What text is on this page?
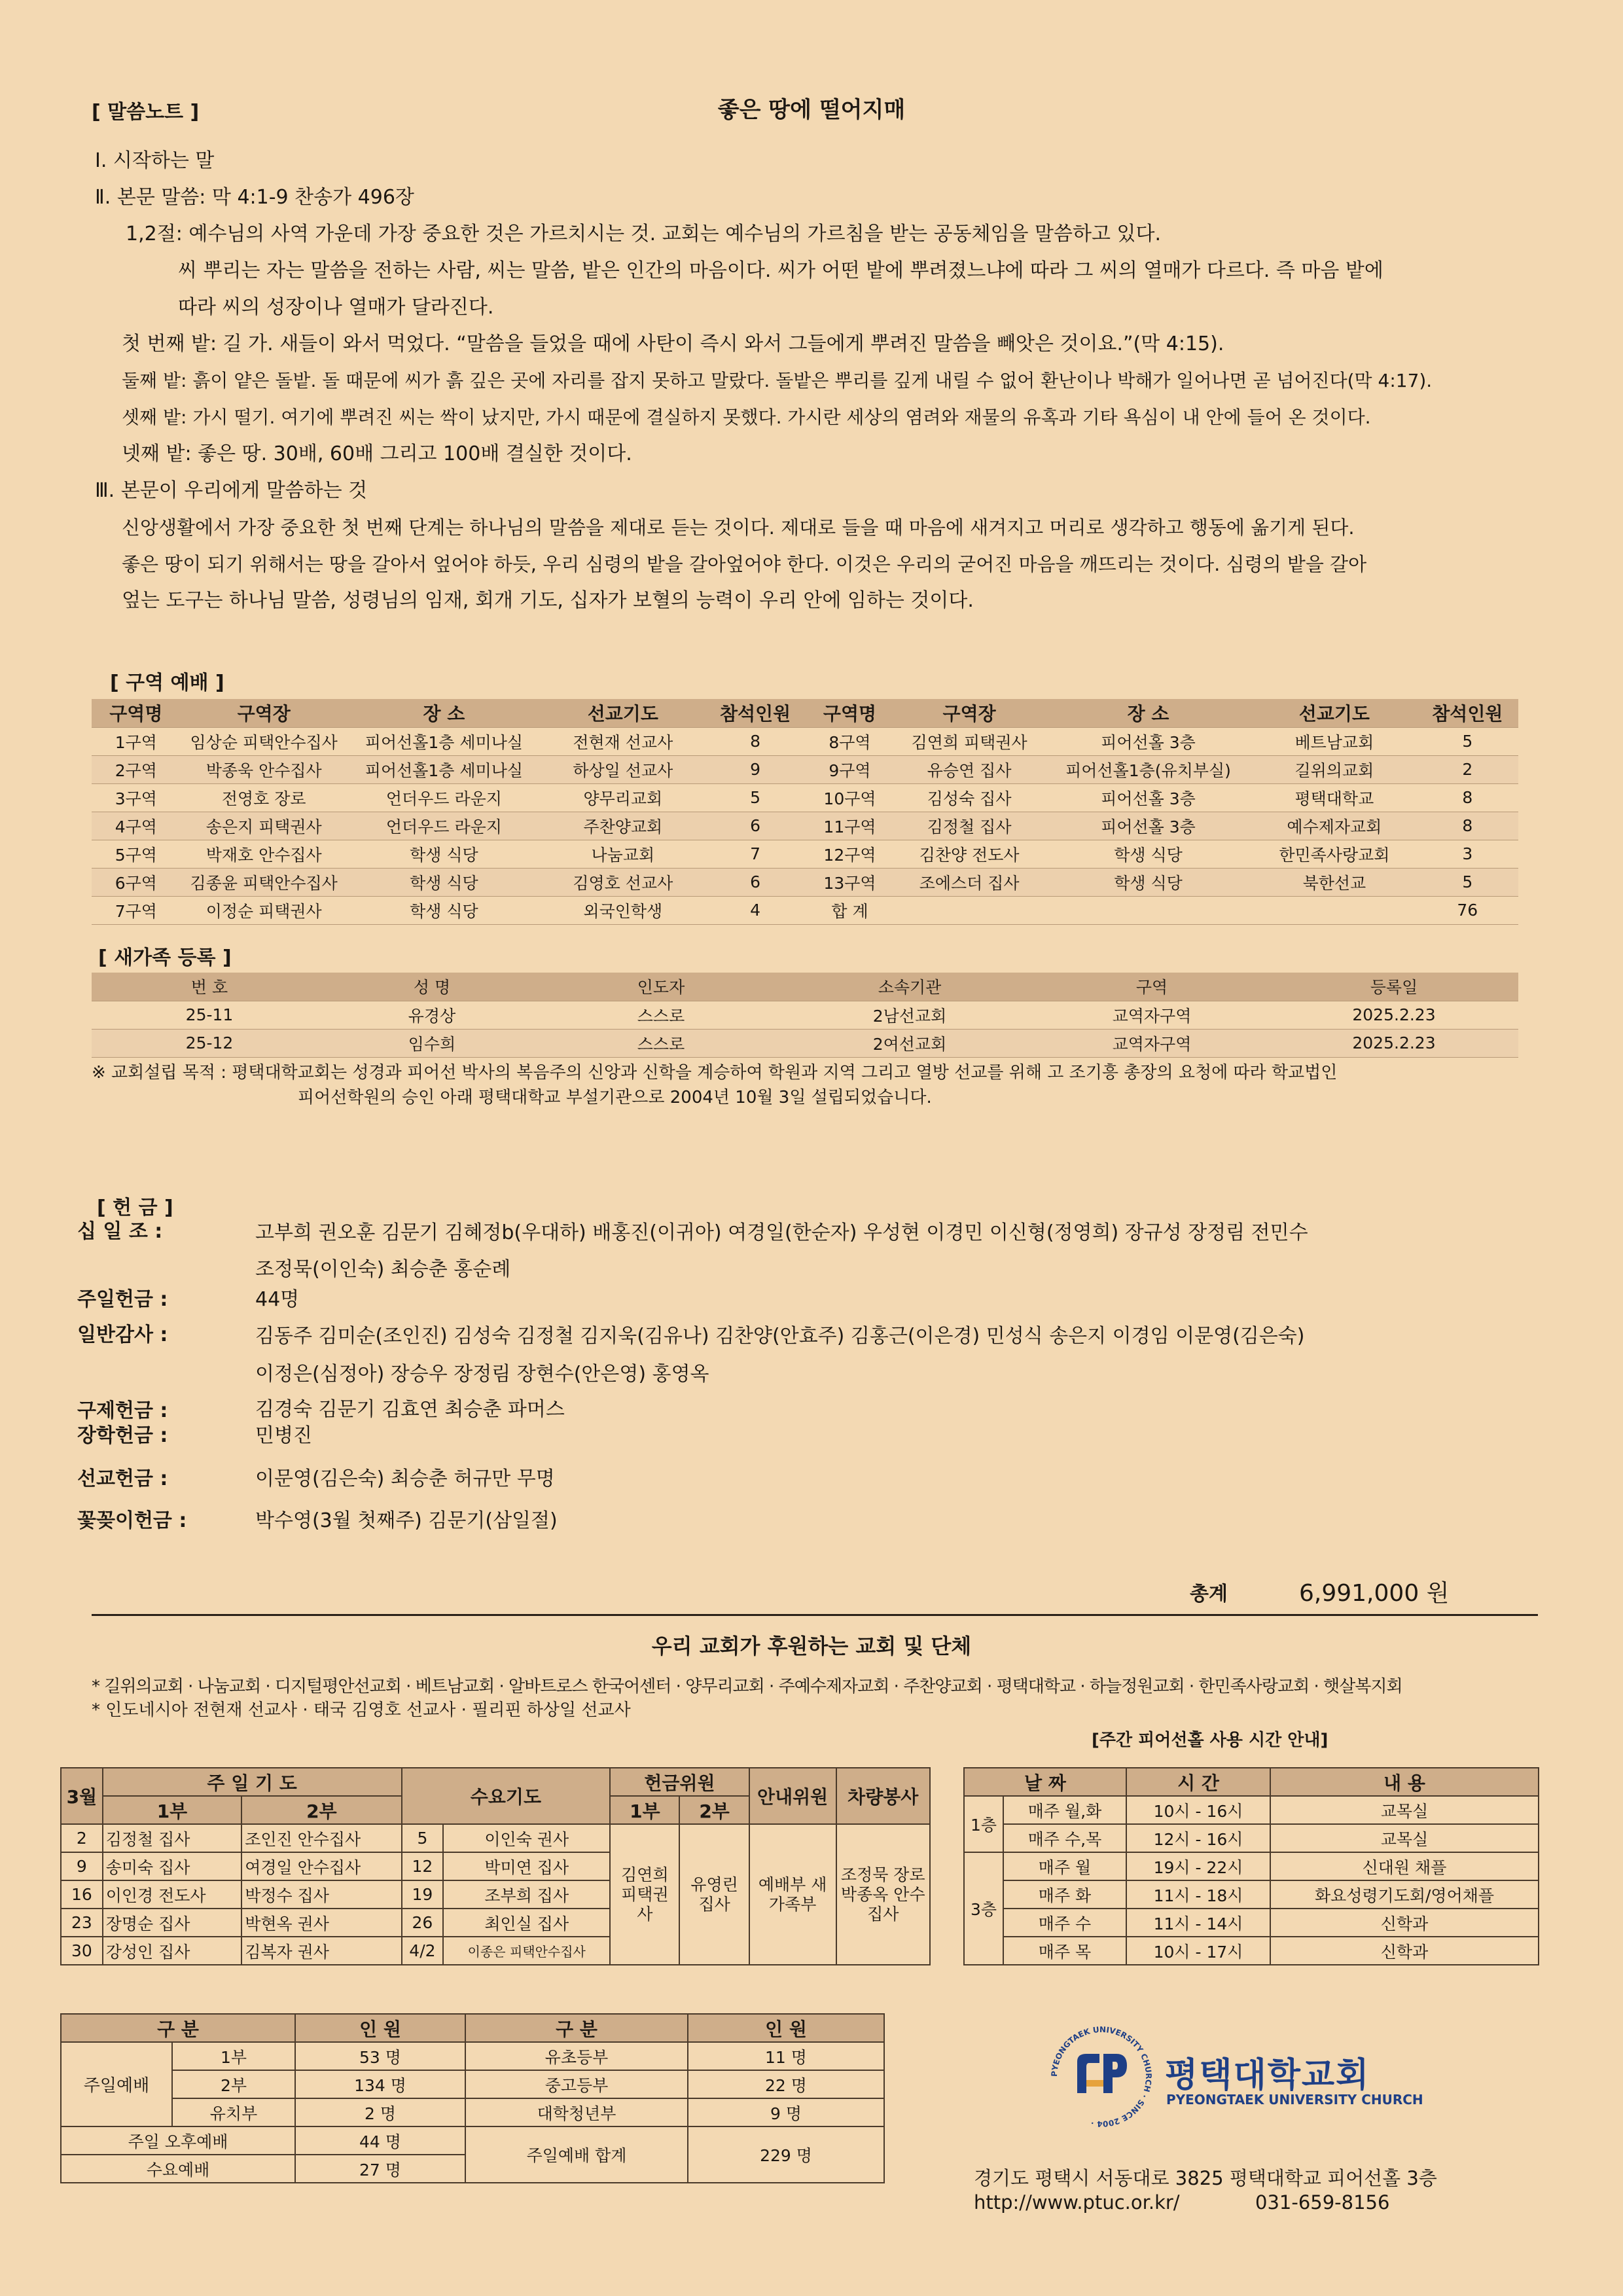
[ 말씀노트 ]	좋은 땅에 떨어지매

Ⅰ. 시작하는 말

Ⅱ. 본문 말씀: 막 4:1-9 찬송가 496장

1,2절: 예수님의 사역 가운데 가장 중요한 것은 가르치시는 것. 교회는 예수님의 가르침을 받는 공동체임을 말씀하고 있다.

씨 뿌리는 자는 말씀을 전하는 사람, 씨는 말씀, 밭은 인간의 마음이다. 씨가 어떤 밭에 뿌려졌느냐에 따라 그 씨의 열매가 다르다. 즉 마음 밭에

따라 씨의 성장이나 열매가 달라진다.

첫 번째 밭: 길 가. 새들이 와서 먹었다. “말씀을 들었을 때에 사탄이 즉시 와서 그들에게 뿌려진 말씀을 빼앗은 것이요.”(막 4:15).

둘째 밭: 흙이 얕은 돌밭. 돌 때문에 씨가 흙 깊은 곳에 자리를 잡지 못하고 말랐다. 돌밭은 뿌리를 깊게 내릴 수 없어 환난이나 박해가 일어나면 곧 넘어진다(막 4:17).

셋째 밭: 가시 떨기. 여기에 뿌려진 씨는 싹이 났지만, 가시 때문에 결실하지 못했다. 가시란 세상의 염려와 재물의 유혹과 기타 욕심이 내 안에 들어 온 것이다.

넷째 밭: 좋은 땅. 30배, 60배 그리고 100배 결실한 것이다.

Ⅲ. 본문이 우리에게 말씀하는 것

신앙생활에서 가장 중요한 첫 번째 단계는 하나님의 말씀을 제대로 듣는 것이다. 제대로 들을 때 마음에 새겨지고 머리로 생각하고 행동에 옮기게 된다.

좋은 땅이 되기 위해서는 땅을 갈아서 엎어야 하듯, 우리 심령의 밭을 갈아엎어야 한다. 이것은 우리의 굳어진 마음을 깨뜨리는 것이다. 심령의 밭을 갈아

엎는 도구는 하나님 말씀, 성령님의 임재, 회개 기도, 십자가 보혈의 능력이 우리 안에 임하는 것이다.

[ 구역 예배 ]
구역명	구역장	장 소	선교기도	참석인원	구역명	구역장	장 소	선교기도	참석인원
1구역	임상순 피택안수집사	피어선홀1층 세미나실	전현재 선교사	8	8구역	김연희 피택권사	피어선홀 3층	베트남교회	5
2구역	박종욱 안수집사	피어선홀1층 세미나실	하상일 선교사	9	9구역	유승연 집사	피어선홀1층(유치부실)	길위의교회	2
3구역	전영호 장로	언더우드 라운지	양무리교회	5	10구역	김성숙 집사	피어선홀 3층	평택대학교	8
4구역	송은지 피택권사	언더우드 라운지	주찬양교회	6	11구역	김정철 집사	피어선홀 3층	예수제자교회	8
5구역	박재호 안수집사	학생 식당	나눔교회	7	12구역	김찬양 전도사	학생 식당	한민족사랑교회	3
6구역	김종윤 피택안수집사	학생 식당	김영호 선교사	6	13구역	조에스더 집사	학생 식당	북한선교	5
7구역	이정순 피택권사	학생 식당	외국인학생	4	합 계				76
[ 새가족 등록 ]
번 호	성 명	인도자	소속기관	구역	등록일
25-11	유경상	스스로	2남선교회	교역자구역	2025.2.23
25-12	임수희	스스로	2여선교회	교역자구역	2025.2.23
※ 교회설립 목적 : 평택대학교회는 성경과 피어선 박사의 복음주의 신앙과 신학을 계승하여 학원과 지역 그리고 열방 선교를 위해 고 조기흥 총장의 요청에 따라 학교법인
피어선학원의 승인 아래 평택대학교 부설기관으로 2004년 10월 3일 설립되었습니다.
[ 헌 금 ]
십 일 조 :	고부희 권오훈 김문기 김혜정b(우대하) 배홍진(이귀아) 여경일(한순자) 우성현 이경민 이신형(정영희) 장규성 장정림 전민수
조정묵(이인숙) 최승춘 홍순례
주일헌금 :	44명
일반감사 :	김동주 김미순(조인진) 김성숙 김정철 김지욱(김유나) 김찬양(안효주) 김홍근(이은경) 민성식 송은지 이경임 이문영(김은숙)
이정은(심정아) 장승우 장정림 장현수(안은영) 홍영옥
구제헌금 :	김경숙 김문기 김효연 최승춘 파머스
장학헌금 :	민병진
선교헌금 :	이문영(김은숙) 최승춘 허규만 무명
꽃꽂이헌금 :	박수영(3월 첫째주) 김문기(삼일절)
총계	6,991,000 원
우리 교회가 후원하는 교회 및 단체
* 길위의교회 · 나눔교회 · 디지털평안선교회 · 베트남교회 · 알바트로스 한국어센터 · 양무리교회 · 주예수제자교회 · 주찬양교회 · 평택대학교 · 하늘정원교회 · 한민족사랑교회 · 햇살복지회
* 인도네시아 전현재 선교사 · 태국 김영호 선교사 · 필리핀 하상일 선교사
[주간 피어선홀 사용 시간 안내]
3월	주 일 기 도		수요기도		헌금위원		안내위원	차량봉사
	1부	2부			1부	2부		
2	김정철 집사	조인진 안수집사	5	이인숙 권사	김연희 피택권사	유영린 집사	예배부 새가족부	조정묵 장로 박종옥 안수집사
9	송미숙 집사	여경일 안수집사	12	박미연 집사				
16	이인경 전도사	박정수 집사	19	조부희 집사				
23	장명순 집사	박현옥 권사	26	최인실 집사				
30	강성인 집사	김복자 권사	4/2	이종은 피택안수집사				
날 짜		시 간	내 용
1층	매주 월,화	10시 - 16시	교목실
	매주 수,목	12시 - 16시	교목실
3층	매주 월	19시 - 22시	신대원 채플
	매주 화	11시 - 18시	화요성령기도회/영어채플
	매주 수	11시 - 14시	신학과
	매주 목	10시 - 17시	신학과
구 분		인 원	구 분	인 원
주일예배	1부	53 명	유초등부	11 명
	2부	134 명	중고등부	22 명
	유치부	2 명	대학청년부	9 명
주일 오후예배		44 명	주일예배 합계	229 명
수요예배		27 명		
PYEONGTAEK UNIVERSITY CHURCH · SINCE 2004 ·
평택대학교회
PYEONGTAEK UNIVERSITY CHURCH
경기도 평택시 서동대로 3825 평택대학교 피어선홀 3층
http://www.ptuc.or.kr/	031-659-8156
